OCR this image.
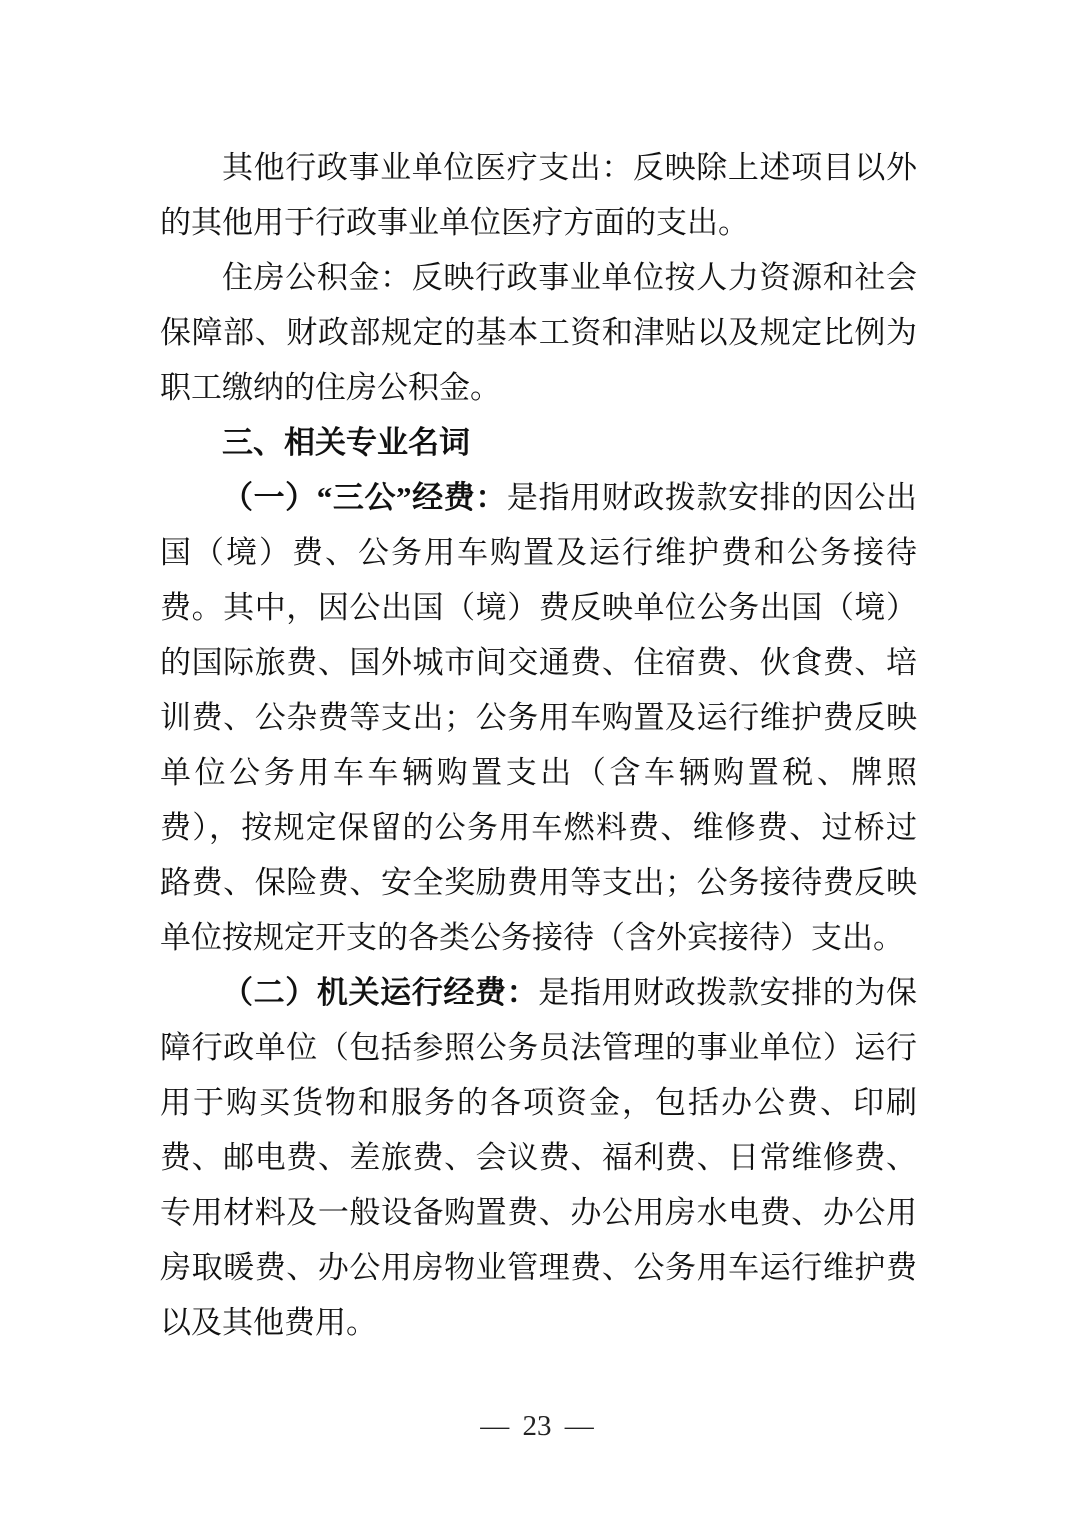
其他行政事业单位医疗支出：反映除上述项目以外的其他用于行政事业单位医疗方面的支出。

住房公积金：反映行政事业单位按人力资源和社会保障部、财政部规定的基本工资和津贴以及规定比例为职工缴纳的住房公积金。

三、相关专业名词

（一）“三公”经费：是指用财政拨款安排的因公出国（境）费、公务用车购置及运行维护费和公务接待费。其中，因公出国（境）费反映单位公务出国（境）的国际旅费、国外城市间交通费、住宿费、伙食费、培训费、公杂费等支出；公务用车购置及运行维护费反映单位公务用车车辆购置支出（含车辆购置税、牌照费），按规定保留的公务用车燃料费、维修费、过桥过路费、保险费、安全奖励费用等支出；公务接待费反映单位按规定开支的各类公务接待（含外宾接待）支出。

（二）机关运行经费：是指用财政拨款安排的为保障行政单位（包括参照公务员法管理的事业单位）运行用于购买货物和服务的各项资金，包括办公费、印刷费、邮电费、差旅费、会议费、福利费、日常维修费、专用材料及一般设备购置费、办公用房水电费、办公用房取暖费、办公用房物业管理费、公务用车运行维护费以及其他费用。

— 23 —
